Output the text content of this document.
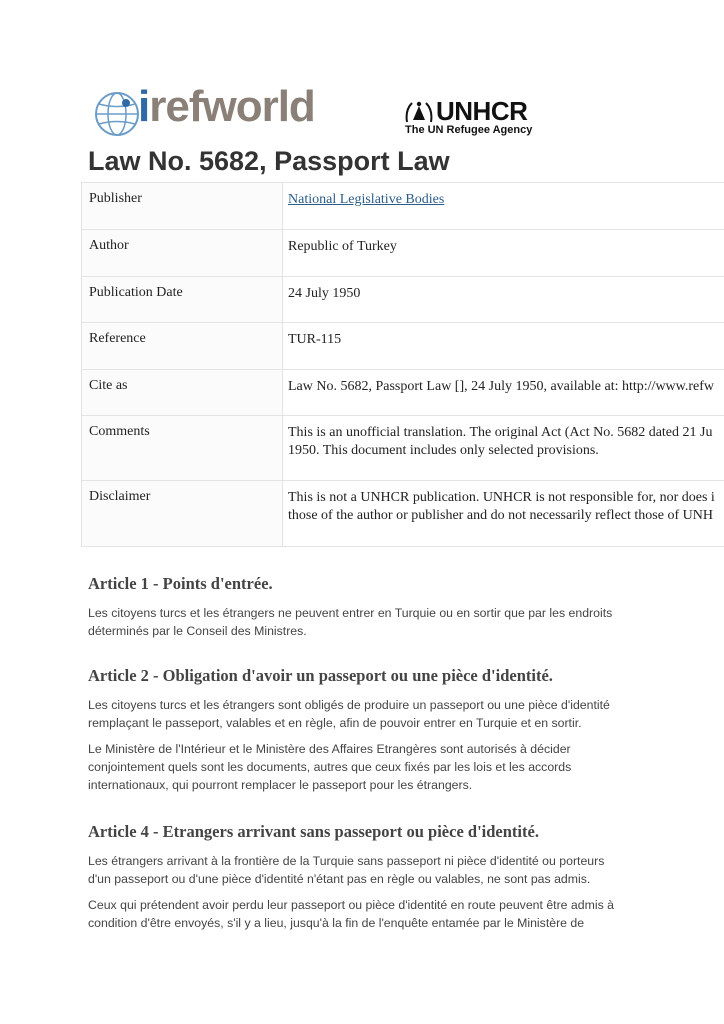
irefworld	UNHCR
The UN Refugee Agency
Law No. 5682, Passport Law
Publisher	National Legislative Bodies
Author	Republic of Turkey
Publication Date	24 July 1950
Reference	TUR-115
Cite as	Law No. 5682, Passport Law [], 24 July 1950, available at: http://www.refw
Comments	This is an unofficial translation. The original Act (Act No. 5682 dated 21 Ju
1950. This document includes only selected provisions.

Disclaimer	This is not a UNHCR publication. UNHCR is not responsible for, nor does i
those of the author or publisher and do not necessarily reflect those of UNH
Article 1 - Points d'entrée.

Les citoyens turcs et les étrangers ne peuvent entrer en Turquie ou en sortir que par les endroits
déterminés par le Conseil des Ministres.

Article 2 - Obligation d'avoir un passeport ou une pièce d'identité.

Les citoyens turcs et les étrangers sont obligés de produire un passeport ou une pièce d'identité
remplaçant le passeport, valables et en règle, afin de pouvoir entrer en Turquie et en sortir.

Le Ministère de l'Intérieur et le Ministère des Affaires Etrangères sont autorisés à décider
conjointement quels sont les documents, autres que ceux fixés par les lois et les accords
internationaux, qui pourront remplacer le passeport pour les étrangers.

Article 4 - Etrangers arrivant sans passeport ou pièce d'identité.

Les étrangers arrivant à la frontière de la Turquie sans passeport ni pièce d'identité ou porteurs
d'un passeport ou d'une pièce d'identité n'étant pas en règle ou valables, ne sont pas admis.

Ceux qui prétendent avoir perdu leur passeport ou pièce d'identité en route peuvent être admis à
condition d'être envoyés, s'il y a lieu, jusqu'à la fin de l'enquête entamée par le Ministère de
